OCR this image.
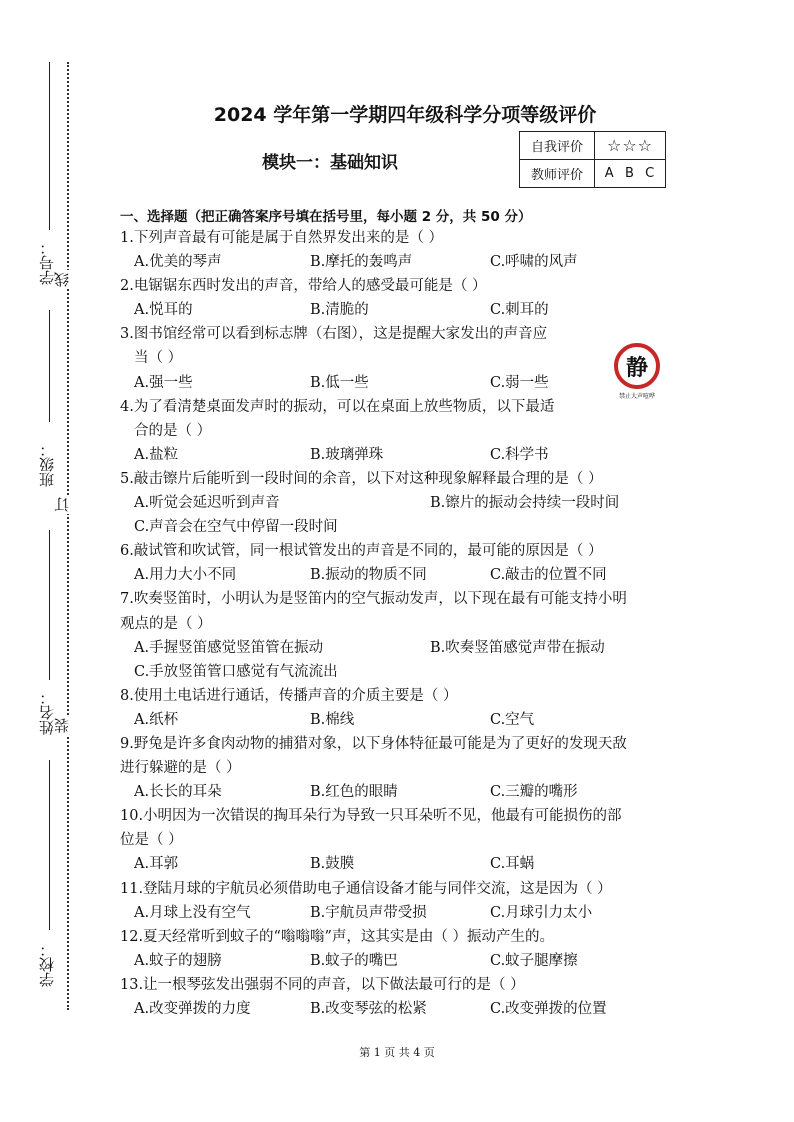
线
订
装
学号：
班级：
姓名：
学校：
2024 学年第一学期四年级科学分项等级评价
模块一：基础知识
自我评价	☆☆☆
教师评价	A  B  C
一、选择题（把正确答案序号填在括号里，每小题 2 分，共 50 分）
1.下列声音最有可能是属于自然界发出来的是（ ）
A.优美的琴声	B.摩托的轰鸣声	C.呼啸的风声
2.电锯锯东西时发出的声音，带给人的感受最可能是（ ）
A.悦耳的	B.清脆的	C.刺耳的
3.图书馆经常可以看到标志牌（右图），这是提醒大家发出的声音应
当（ ）
A.强一些	B.低一些	C.弱一些
4.为了看清楚桌面发声时的振动，可以在桌面上放些物质，以下最适
合的是（ ）
A.盐粒	B.玻璃弹珠	C.科学书
5.敲击镲片后能听到一段时间的余音，以下对这种现象解释最合理的是（ ）
A.听觉会延迟听到声音	B.镲片的振动会持续一段时间
C.声音会在空气中停留一段时间
6.敲试管和吹试管，同一根试管发出的声音是不同的，最可能的原因是（ ）
A.用力大小不同	B.振动的物质不同	C.敲击的位置不同
7.吹奏竖笛时，小明认为是竖笛内的空气振动发声，以下现在最有可能支持小明
观点的是（ ）
A.手握竖笛感觉竖笛管在振动	B.吹奏竖笛感觉声带在振动
C.手放竖笛管口感觉有气流流出
8.使用土电话进行通话，传播声音的介质主要是（ ）
A.纸杯	B.棉线	C.空气
9.野兔是许多食肉动物的捕猎对象，以下身体特征最可能是为了更好的发现天敌
进行躲避的是（ ）
A.长长的耳朵	B.红色的眼睛	C.三瓣的嘴形
10.小明因为一次错误的掏耳朵行为导致一只耳朵听不见，他最有可能损伤的部
位是（ ）
A.耳郭	B.鼓膜	C.耳蜗
11.登陆月球的宇航员必须借助电子通信设备才能与同伴交流，这是因为（ ）
A.月球上没有空气	B.宇航员声带受损	C.月球引力太小
12.夏天经常听到蚊子的“嗡嗡嗡”声，这其实是由（ ）振动产生的。
A.蚊子的翅膀	B.蚊子的嘴巴	C.蚊子腿摩擦
13.让一根琴弦发出强弱不同的声音，以下做法最可行的是（ ）
A.改变弹拨的力度	B.改变琴弦的松紧	C.改变弹拨的位置
静
禁止大声喧哗
第 1 页 共 4 页
